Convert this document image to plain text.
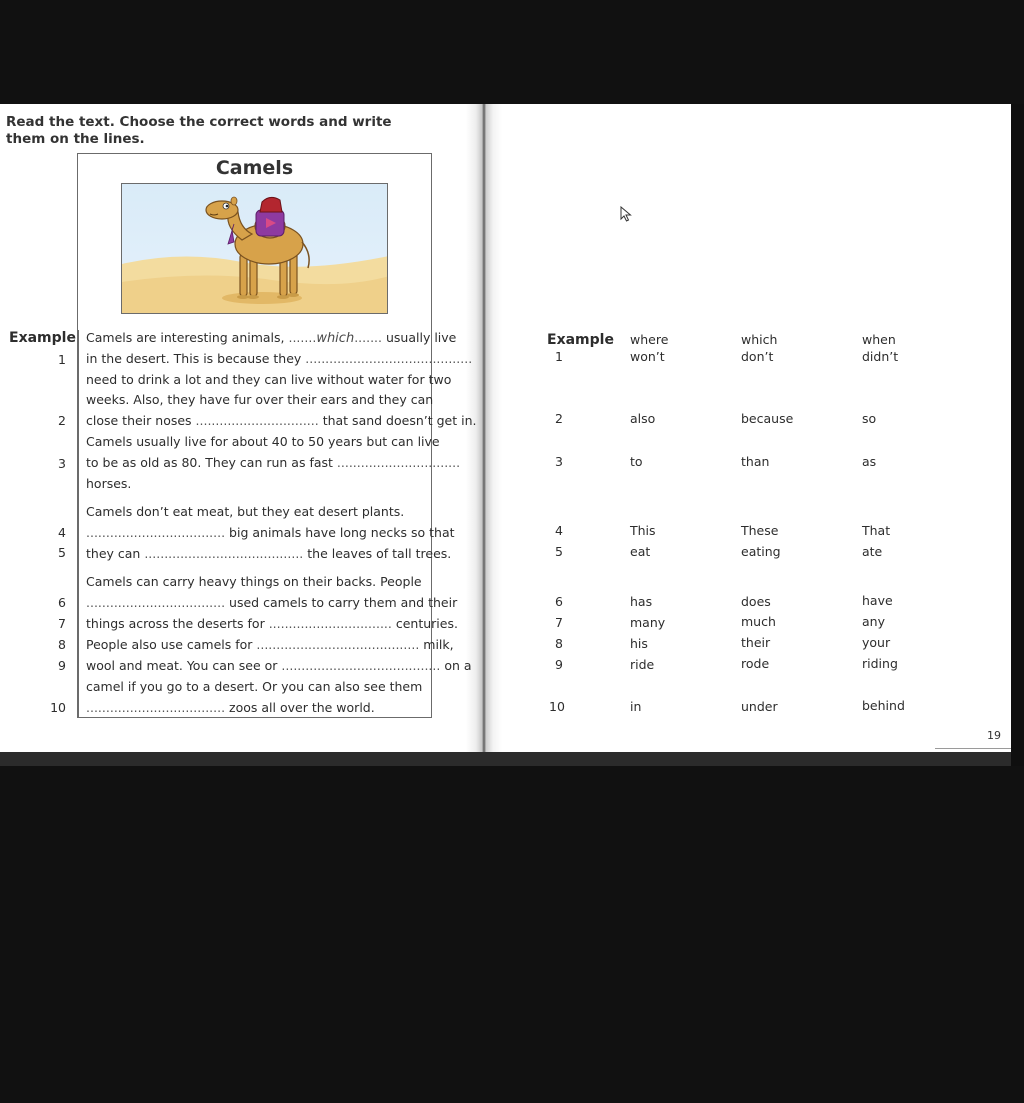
Read the text. Choose the correct words and write them on the lines.
Camels
Example
1
2
3
4
5
6
7
8
9
10
Camels are interesting animals, .......which....... usually live
in the desert. This is because they ..........................................
need to drink a lot and they can live without water for two
weeks. Also, they have fur over their ears and they can
close their noses ............................... that sand doesn’t get in.
Camels usually live for about 40 to 50 years but can live
to be as old as 80. They can run as fast ...............................
horses.
Camels don’t eat meat, but they eat desert plants.
................................... big animals have long necks so that
they can ........................................ the leaves of tall trees.
Camels can carry heavy things on their backs. People
................................... used camels to carry them and their
things across the deserts for ............................... centuries.
People also use camels for ......................................... milk,
wool and meat. You can see or ........................................ on a
camel if you go to a desert. Or you can also see them
................................... zoos all over the world.
Example where	which	when
1	won’t	don’t	didn’t
2	also	because	so
3	to	than	as
4	This	These	That
5	eat	eating	ate
6	has	does	have
7	many	much	any
8	his	their	your
9	ride	rode	riding
10	in	under	behind
19
